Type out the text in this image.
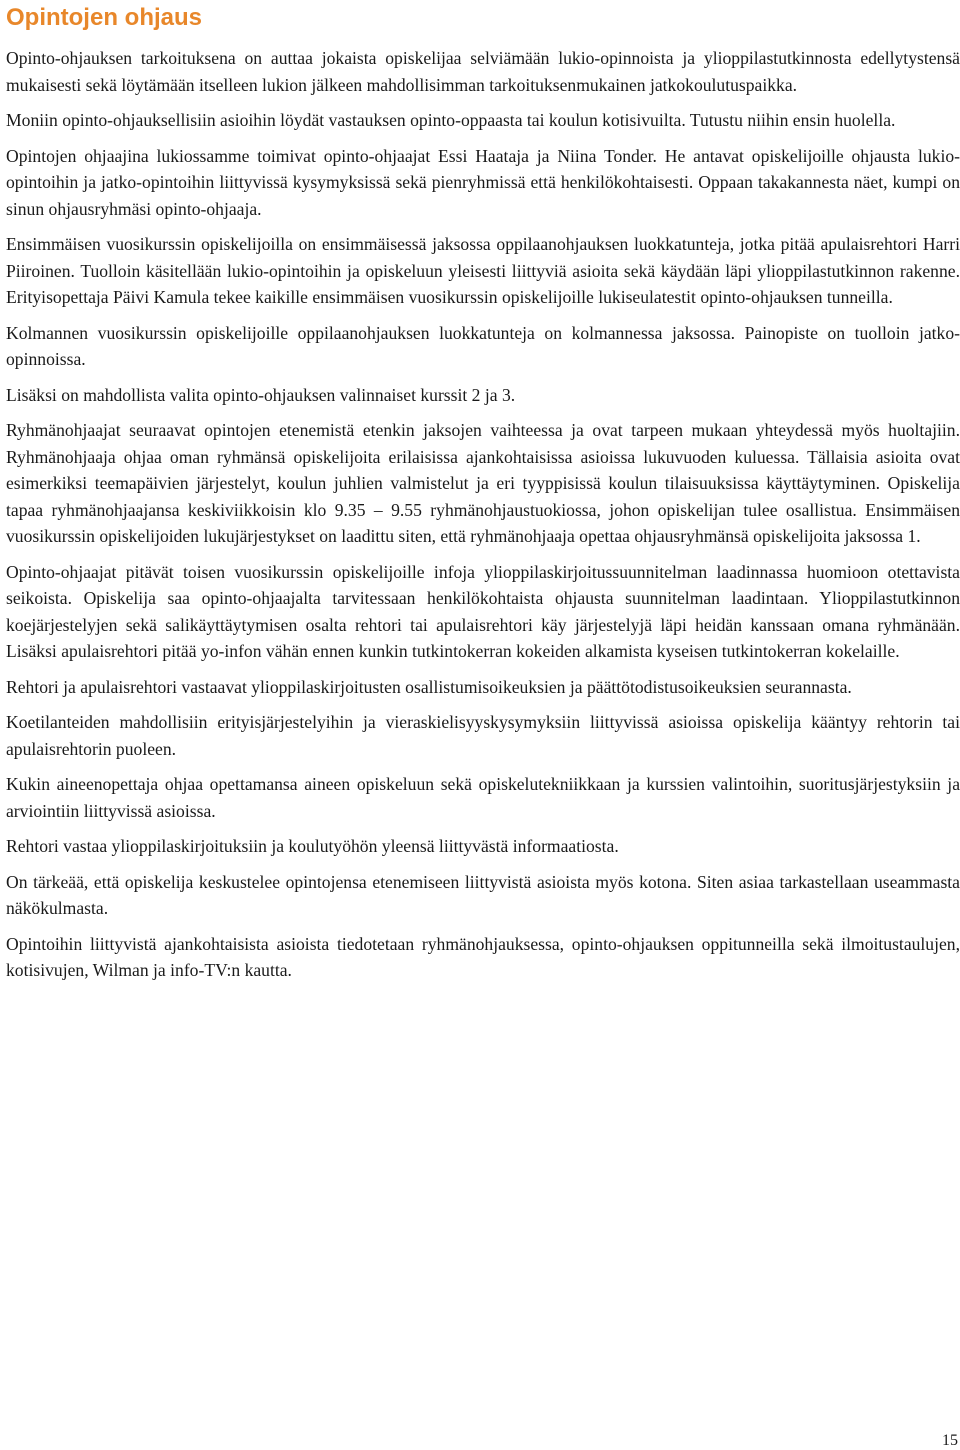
Opintojen ohjaus

Opinto-ohjauksen tarkoituksena on auttaa jokaista opiskelijaa selviämään lukio-opinnoista ja ylioppilastutkinnosta edellytystensä mukaisesti sekä löytämään itselleen lukion jälkeen mahdollisimman tarkoituksenmukainen jatkokoulutuspaikka.

Moniin opinto-ohjauksellisiin asioihin löydät vastauksen opinto-oppaasta tai koulun kotisivuilta. Tutustu niihin ensin huolella.

Opintojen ohjaajina lukiossamme toimivat opinto-ohjaajat Essi Haataja ja Niina Tonder. He antavat opiskelijoille ohjausta lukio-opintoihin ja jatko-opintoihin liittyvissä kysymyksissä sekä pienryhmissä että henkilökohtaisesti. Oppaan takakannesta näet, kumpi on sinun ohjausryhmäsi opinto-ohjaaja.

Ensimmäisen vuosikurssin opiskelijoilla on ensimmäisessä jaksossa oppilaanohjauksen luokkatunteja, jotka pitää apulaisrehtori Harri Piiroinen. Tuolloin käsitellään lukio-opintoihin ja opiskeluun yleisesti liittyviä asioita sekä käydään läpi ylioppilastutkinnon rakenne. Erityisopettaja Päivi Kamula tekee kaikille ensimmäisen vuosikurssin opiskelijoille lukiseulatestit opinto-ohjauksen tunneilla.

Kolmannen vuosikurssin opiskelijoille oppilaanohjauksen luokkatunteja on kolmannessa jaksossa. Painopiste on tuolloin jatko-opinnoissa.

Lisäksi on mahdollista valita opinto-ohjauksen valinnaiset kurssit 2 ja 3.

Ryhmänohjaajat seuraavat opintojen etenemistä etenkin jaksojen vaihteessa ja ovat tarpeen mukaan yhteydessä myös huoltajiin. Ryhmänohjaaja ohjaa oman ryhmänsä opiskelijoita erilaisissa ajankohtaisissa asioissa lukuvuoden kuluessa. Tällaisia asioita ovat esimerkiksi teemapäivien järjestelyt, koulun juhlien valmistelut ja eri tyyppisissä koulun tilaisuuksissa käyttäytyminen. Opiskelija tapaa ryhmänohjaajansa keskiviikkoisin klo 9.35 – 9.55 ryhmänohjaustuokiossa, johon opiskelijan tulee osallistua. Ensimmäisen vuosikurssin opiskelijoiden lukujärjestykset on laadittu siten, että ryhmänohjaaja opettaa ohjausryhmänsä opiskelijoita jaksossa 1.

Opinto-ohjaajat pitävät toisen vuosikurssin opiskelijoille infoja ylioppilaskirjoitussuunnitelman laadinnassa huomioon otettavista seikoista. Opiskelija saa opinto-ohjaajalta tarvitessaan henkilökohtaista ohjausta suunnitelman laadintaan. Ylioppilastutkinnon koejärjestelyjen sekä salikäyttäytymisen osalta rehtori tai apulaisrehtori käy järjestelyjä läpi heidän kanssaan omana ryhmänään. Lisäksi apulaisrehtori pitää yo-infon vähän ennen kunkin tutkintokerran kokeiden alkamista kyseisen tutkintokerran kokelaille.

Rehtori ja apulaisrehtori vastaavat ylioppilaskirjoitusten osallistumisoikeuksien ja päättötodistusoikeuksien seurannasta.

Koetilanteiden mahdollisiin erityisjärjestelyihin ja vieraskielisyyskysymyksiin liittyvissä asioissa opiskelija kääntyy rehtorin tai apulaisrehtorin puoleen.

Kukin aineenopettaja ohjaa opettamansa aineen opiskeluun sekä opiskelutekniikkaan ja kurssien valintoihin, suoritusjärjestyksiin ja arviointiin liittyvissä asioissa.

Rehtori vastaa ylioppilaskirjoituksiin ja koulutyöhön yleensä liittyvästä informaatiosta.

On tärkeää, että opiskelija keskustelee opintojensa etenemiseen liittyvistä asioista myös kotona. Siten asiaa tarkastellaan useammasta näkökulmasta.

Opintoihin liittyvistä ajankohtaisista asioista tiedotetaan ryhmänohjauksessa, opinto-ohjauksen oppitunneilla sekä ilmoitustaulujen, kotisivujen, Wilman ja info-TV:n kautta.

15
